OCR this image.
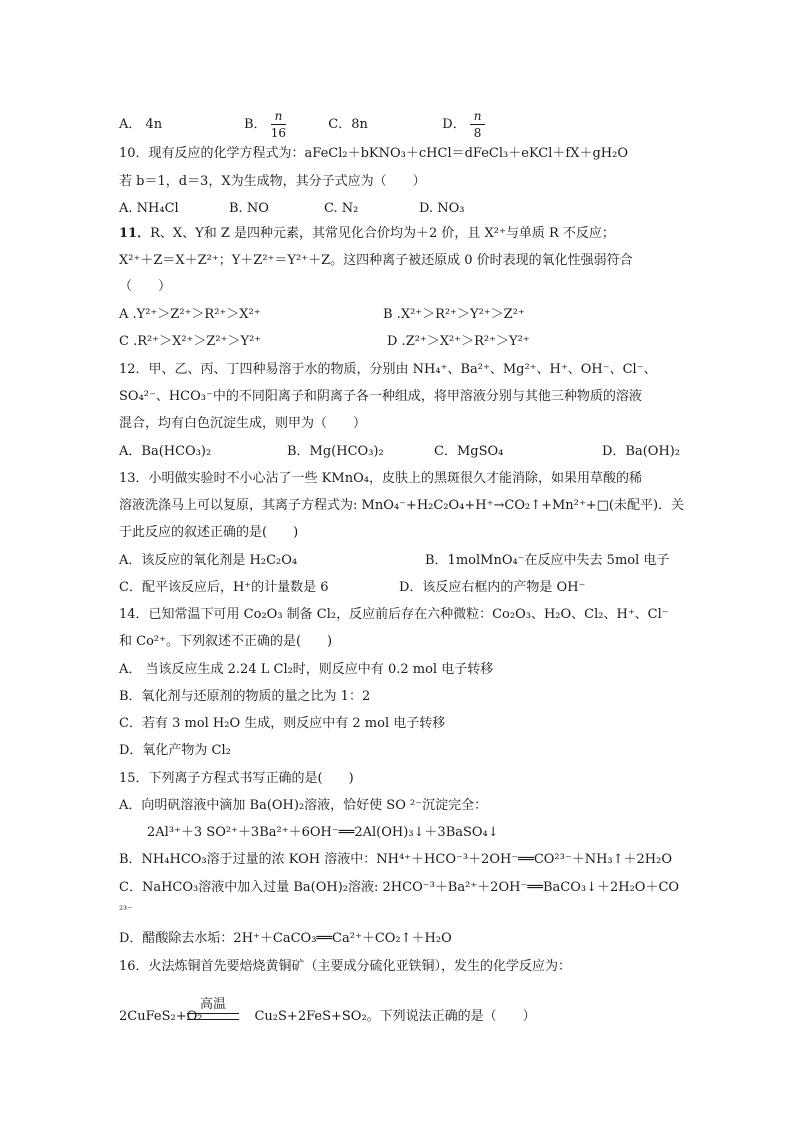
A． 4n	B． $\frac{n}{16}$	C．8n	D． $\frac{n}{8}$
10．现有反应的化学方程式为：aFeCl₂＋bKNO₃＋cHCl＝dFeCl₃＋eKCl＋fX＋gH₂O
若 b＝1，d＝3，X为生成物，其分子式应为（　　）
A. NH₄Cl	B. NO	C. N₂	D. NO₃
11．R、X、Y和 Z 是四种元素，其常见化合价均为＋2 价，且 X²⁺与单质 R 不反应；
X²⁺＋Z＝X＋Z²⁺；Y＋Z²⁺＝Y²⁺＋Z。这四种离子被还原成 0 价时表现的氧化性强弱符合
（　　）
A .Y²⁺＞Z²⁺＞R²⁺＞X²⁺	B .X²⁺＞R²⁺＞Y²⁺＞Z²⁺
C .R²⁺＞X²⁺＞Z²⁺＞Y²⁺	D .Z²⁺＞X²⁺＞R²⁺＞Y²⁺
12．甲、乙、丙、丁四种易溶于水的物质，分别由 NH₄⁺、Ba²⁺、Mg²⁺、H⁺、OH⁻、Cl⁻、
SO₄²⁻、HCO₃⁻中的不同阳离子和阴离子各一种组成，将甲溶液分别与其他三种物质的溶液
混合，均有白色沉淀生成，则甲为（　　）
A．Ba(HCO₃)₂	B．Mg(HCO₃)₂	C．MgSO₄	D．Ba(OH)₂
13．小明做实验时不小心沾了一些 KMnO₄，皮肤上的黑斑很久才能消除，如果用草酸的稀
溶液洗涤马上可以复原，其离子方程式为: MnO₄⁻+H₂C₂O₄+H⁺→CO₂↑+Mn²⁺+□(未配平)．关
于此反应的叙述正确的是(　　)
A．该反应的氧化剂是 H₂C₂O₄	B．1molMnO₄⁻在反应中失去 5mol 电子
C．配平该反应后，H⁺的计量数是 6	D．该反应右框内的产物是 OH⁻
14．已知常温下可用 Co₂O₃ 制备 Cl₂，反应前后存在六种微粒：Co₂O₃、H₂O、Cl₂、H⁺、Cl⁻
和 Co²⁺。下列叙述不正确的是(　　)
A． 当该反应生成 2.24 L Cl₂时，则反应中有 0.2 mol 电子转移
B．氧化剂与还原剂的物质的量之比为 1：2
C．若有 3 mol H₂O 生成，则反应中有 2 mol 电子转移
D．氧化产物为 Cl₂
15．下列离子方程式书写正确的是(　　)
A．向明矾溶液中滴加 Ba(OH)₂溶液，恰好使 SO ²⁻沉淀完全：
2Al³⁺＋3 SO²⁺＋3Ba²⁺＋6OH⁻══2Al(OH)₃↓＋3BaSO₄↓
B．NH₄HCO₃溶于过量的浓 KOH 溶液中：NH⁴⁺＋HCO⁻³＋2OH⁻══CO²³⁻＋NH₃↑＋2H₂O
C．NaHCO₃溶液中加入过量 Ba(OH)₂溶液: 2HCO⁻³＋Ba²⁺＋2OH⁻══BaCO₃↓＋2H₂O＋CO
²³⁻
D．醋酸除去水垢：2H⁺＋CaCO₃══Ca²⁺＋CO₂↑＋H₂O
16．火法炼铜首先要焙烧黄铜矿（主要成分硫化亚铁铜），发生的化学反应为：
高温
2CuFeS₂+O₂	Cu₂S+2FeS+SO₂。下列说法正确的是（　　）
